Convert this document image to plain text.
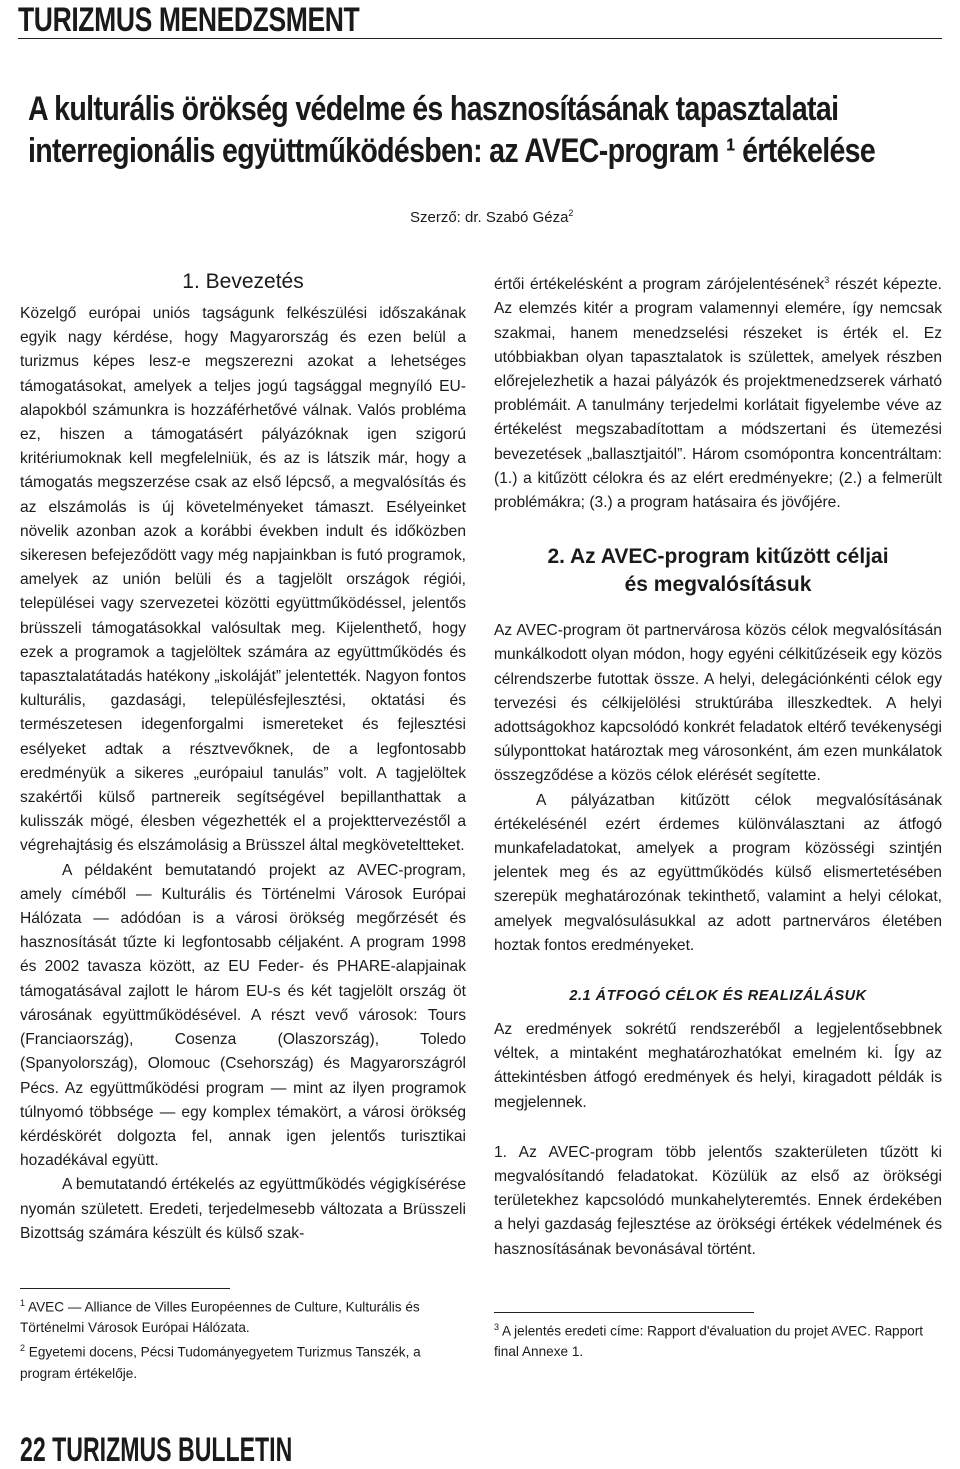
TURIZMUS MENEDZSMENT
A kulturális örökség védelme és hasznosításának tapasztalatai
interregionális együttműködésben: az AVEC-program ¹ értékelése
Szerző: dr. Szabó Géza$^2$
1. Bevezetés

Közelgő európai uniós tagságunk felkészülési időszakának egyik nagy kérdése, hogy Magyarország és ezen belül a turizmus képes lesz-e megszerezni azokat a lehetséges támogatásokat, amelyek a teljes jogú tagsággal megnyíló EU-alapokból számunkra is hozzáférhetővé válnak. Valós probléma ez, hiszen a támogatásért pályázóknak igen szigorú kritériumoknak kell megfelelniük, és az is látszik már, hogy a támogatás megszerzése csak az első lépcső, a megvalósítás és az elszámolás is új követelményeket támaszt. Esélyeinket növelik azonban azok a korábbi években indult és időközben sikeresen befejeződött vagy még napjainkban is futó programok, amelyek az unión belüli és a tagjelölt országok régiói, települései vagy szervezetei közötti együttműködéssel, jelentős brüsszeli támogatásokkal valósultak meg. Kijelenthető, hogy ezek a programok a tagjelöltek számára az együttműködés és tapasztalatátadás hatékony „iskoláját” jelentették. Nagyon fontos kulturális, gazdasági, településfejlesztési, oktatási és természetesen idegenforgalmi ismereteket és fejlesztési esélyeket adtak a résztvevőknek, de a legfontosabb eredményük a sikeres „európaiul tanulás” volt. A tagjelöltek szakértői külső partnereik segítségével bepillanthattak a kulisszák mögé, élesben végezhették el a projekttervezéstől a végrehajtásig és elszámolásig a Brüsszel által megköveteltteket.

A példaként bemutatandó projekt az AVEC-program, amely címéből — Kulturális és Történelmi Városok Európai Hálózata — adódóan is a városi örökség megőrzését és hasznosítását tűzte ki legfontosabb céljaként. A program 1998 és 2002 tavasza között, az EU Feder- és PHARE-alapjainak támogatásával zajlott le három EU-s és két tagjelölt ország öt városának együttműködésével. A részt vevő városok: Tours (Franciaország), Cosenza (Olaszország), Toledo (Spanyolország), Olomouc (Csehország) és Magyarországról Pécs. Az együttműködési program — mint az ilyen programok túlnyomó többsége — egy komplex témakört, a városi örökség kérdéskörét dolgozta fel, annak igen jelentős turisztikai hozadékával együtt.

A bemutatandó értékelés az együttműködés végigkísérése nyomán született. Eredeti, terjedelmesebb változata a Brüsszeli Bizottság számára készült és külső szak-

$^1$ AVEC — Alliance de Villes Européennes de Culture, Kulturális és Történelmi Városok Európai Hálózata.
$^2$ Egyetemi docens, Pécsi Tudományegyetem Turizmus Tanszék, a program értékelője.

értői értékelésként a program zárójelentésének$^3$ részét képezte. Az elemzés kitér a program valamennyi elemére, így nemcsak szakmai, hanem menedzselési részeket is érték el. Ez utóbbiakban olyan tapasztalatok is születtek, amelyek részben előrejelezhetik a hazai pályázók és projektmenedzserek várható problémáit. A tanulmány terjedelmi korlátait figyelembe véve az értékelést megszabadítottam a módszertani és ütemezési bevezetések „ballasztjaitól”. Három csomópontra koncentráltam: (1.) a kitűzött célokra és az elért eredményekre; (2.) a felmerült problémákra; (3.) a program hatásaira és jövőjére.

2. Az AVEC-program kitűzött céljai
és megvalósításuk

Az AVEC-program öt partnervárosa közös célok megvalósításán munkálkodott olyan módon, hogy egyéni célkitűzéseik egy közös célrendszerbe futottak össze. A helyi, delegációnkénti célok egy tervezési és célkijelölési struktúrába illeszkedtek. A helyi adottságokhoz kapcsolódó konkrét feladatok eltérő tevékenységi súlyponttokat határoztak meg városonként, ám ezen munkálatok összegződése a közös célok elérését segítette.

A pályázatban kitűzött célok megvalósításának értékelésénél ezért érdemes különválasztani az átfogó munkafeladatokat, amelyek a program közösségi szintjén jelentek meg és az együttműködés külső elismertetésében szerepük meghatározónak tekinthető, valamint a helyi célokat, amelyek megvalósulásukkal az adott partnerváros életében hoztak fontos eredményeket.

2.1 ÁTFOGÓ CÉLOK ÉS REALIZÁLÁSUK

Az eredmények sokrétű rendszeréből a legjelentősebbnek véltek, a mintaként meghatározhatókat emelném ki. Így az áttekintésben átfogó eredmények és helyi, kiragadott példák is megjelennek.

1. Az AVEC-program több jelentős szakterületen tűzött ki megvalósítandó feladatokat. Közülük az első az örökségi területekhez kapcsolódó munkahelyteremtés. Ennek érdekében a helyi gazdaság fejlesztése az örökségi értékek védelmének és hasznosításának bevonásával történt.

$^3$ A jelentés eredeti címe: Rapport d'évaluation du projet AVEC. Rapport final Annexe 1.
22 TURIZMUS BULLETIN
